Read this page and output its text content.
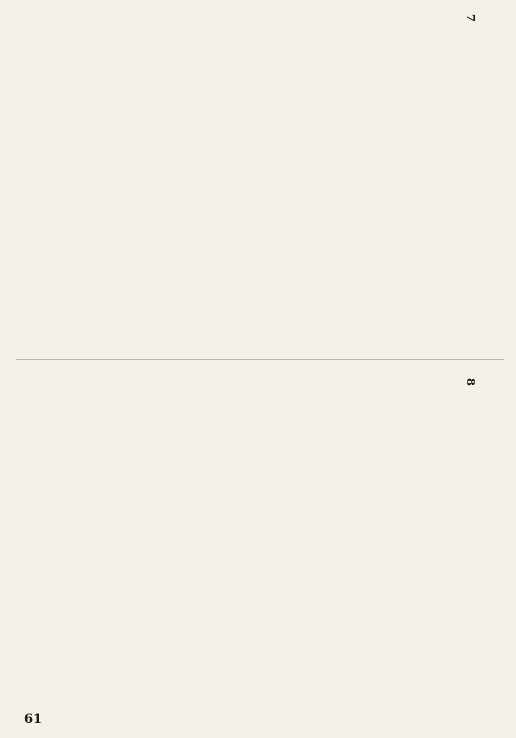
7
8
61
